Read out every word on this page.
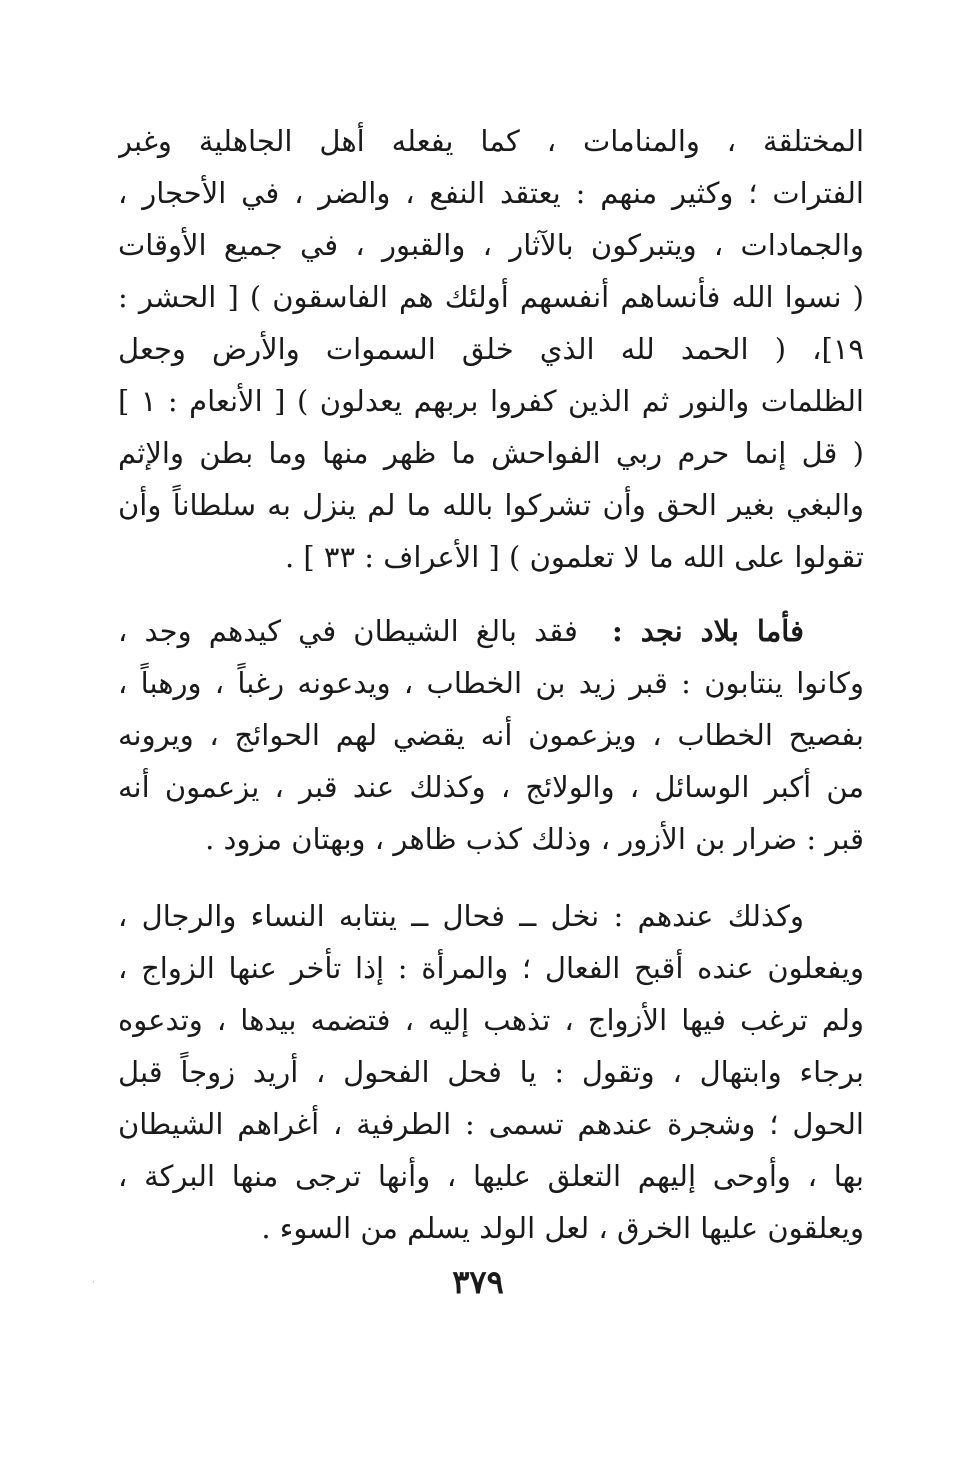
المختلقة ، والمنامات ، كما يفعله أهل الجاهلية وغبر
الفترات ؛ وكثير منهم : يعتقد النفع ، والضر ، في الأحجار ،
والجمادات ، ويتبركون بالآثار ، والقبور ، في جميع الأوقات
( نسوا الله فأنساهم أنفسهم أولئك هم الفاسقون ) [ الحشر :
١٩]، ( الحمد لله الذي خلق السموات والأرض وجعل
الظلمات والنور ثم الذين كفروا بربهم يعدلون ) [ الأنعام : ١ ]
( قل إنما حرم ربي الفواحش ما ظهر منها وما بطن والإثم
والبغي بغير الحق وأن تشركوا بالله ما لم ينزل به سلطاناً وأن
تقولوا على الله ما لا تعلمون ) [ الأعراف : ٣٣ ] .
فأما بلاد نجد :  فقد بالغ الشيطان في كيدهم وجد ،
وكانوا ينتابون : قبر زيد بن الخطاب ، ويدعونه رغباً ، ورهباً ،
بفصيح الخطاب ، ويزعمون أنه يقضي لهم الحوائج ، ويرونه
من أكبر الوسائل ، والولائج ، وكذلك عند قبر ، يزعمون أنه
قبر : ضرار بن الأزور ، وذلك كذب ظاهر ، وبهتان مزود .
وكذلك عندهم : نخل ــ فحال ــ ينتابه النساء والرجال ،
ويفعلون عنده أقبح الفعال ؛ والمرأة : إذا تأخر عنها الزواج ،
ولم ترغب فيها الأزواج ، تذهب إليه ، فتضمه بيدها ، وتدعوه
برجاء وابتهال ، وتقول : يا فحل الفحول ، أريد زوجاً قبل
الحول ؛ وشجرة عندهم تسمى : الطرفية ، أغراهم الشيطان
بها ، وأوحى إليهم التعلق عليها ، وأنها ترجى منها البركة ،
ويعلقون عليها الخرق ، لعل الولد يسلم من السوء .
٣٧٩
·
